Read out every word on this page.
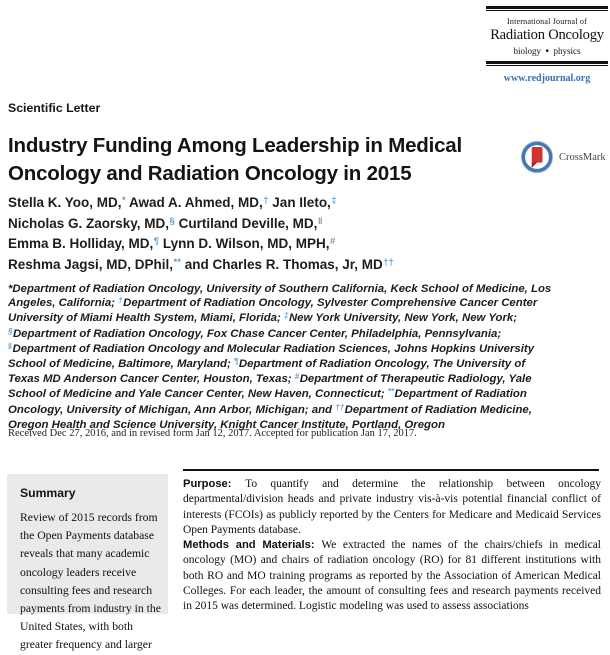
International Journal of
Radiation Oncology
biology ● physics
www.redjournal.org
Scientific Letter
Industry Funding Among Leadership in Medical
Oncology and Radiation Oncology in 2015
CrossMark
Stella K. Yoo, MD,* Awad A. Ahmed, MD,† Jan Ileto,‡
Nicholas G. Zaorsky, MD,§ Curtiland Deville, MD,‖
Emma B. Holliday, MD,¶ Lynn D. Wilson, MD, MPH,#
Reshma Jagsi, MD, DPhil,** and Charles R. Thomas, Jr, MD††
*Department of Radiation Oncology, University of Southern California, Keck School of Medicine, Los
Angeles, California; †Department of Radiation Oncology, Sylvester Comprehensive Cancer Center
University of Miami Health System, Miami, Florida; ‡New York University, New York, New York;
§Department of Radiation Oncology, Fox Chase Cancer Center, Philadelphia, Pennsylvania;
‖Department of Radiation Oncology and Molecular Radiation Sciences, Johns Hopkins University
School of Medicine, Baltimore, Maryland; ¶Department of Radiation Oncology, The University of
Texas MD Anderson Cancer Center, Houston, Texas; #Department of Therapeutic Radiology, Yale
School of Medicine and Yale Cancer Center, New Haven, Connecticut; **Department of Radiation
Oncology, University of Michigan, Ann Arbor, Michigan; and ††Department of Radiation Medicine,
Oregon Health and Science University, Knight Cancer Institute, Portland, Oregon
Received Dec 27, 2016, and in revised form Jan 12, 2017. Accepted for publication Jan 17, 2017.
Summary
Review of 2015 records from the Open Payments database reveals that many academic oncology leaders receive consulting fees and research payments from industry in the United States, with both greater frequency and larger
Purpose: To quantify and determine the relationship between oncology departmental/division heads and private industry vis-à-vis potential financial conflict of interests (FCOIs) as publicly reported by the Centers for Medicare and Medicaid Services Open Payments database.
Methods and Materials: We extracted the names of the chairs/chiefs in medical oncology (MO) and chairs of radiation oncology (RO) for 81 different institutions with both RO and MO training programs as reported by the Association of American Medical Colleges. For each leader, the amount of consulting fees and research payments received in 2015 was determined. Logistic modeling was used to assess associations
